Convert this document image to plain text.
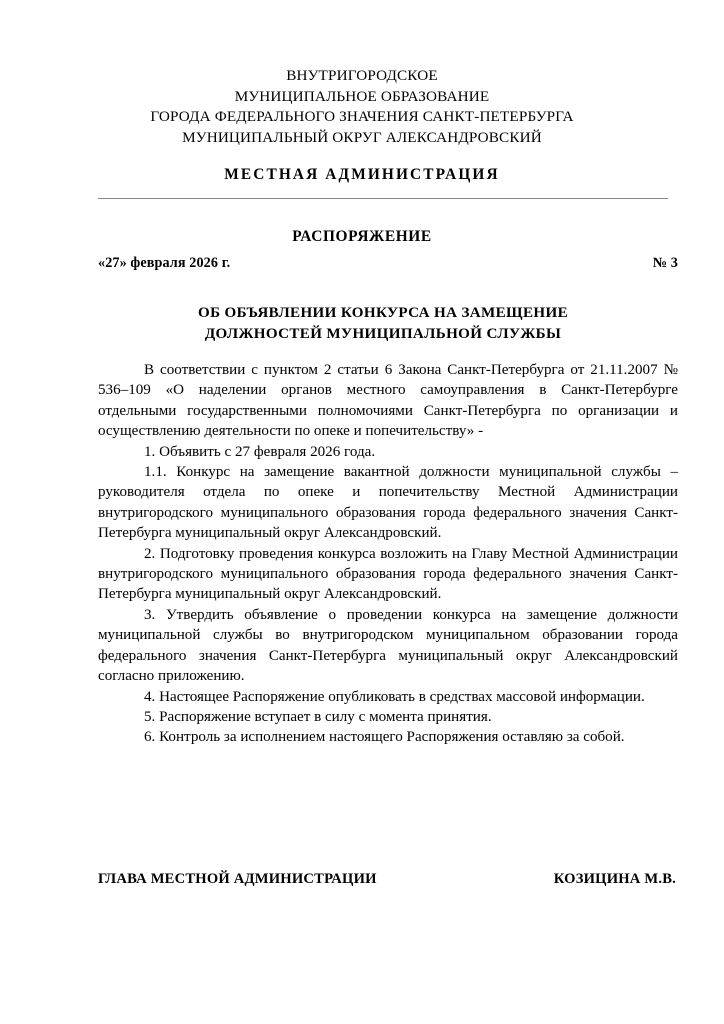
ВНУТРИГОРОДСКОЕ
МУНИЦИПАЛЬНОЕ ОБРАЗОВАНИЕ
ГОРОДА ФЕДЕРАЛЬНОГО ЗНАЧЕНИЯ САНКТ-ПЕТЕРБУРГА
МУНИЦИПАЛЬНЫЙ ОКРУГ АЛЕКСАНДРОВСКИЙ
МЕСТНАЯ АДМИНИСТРАЦИЯ
РАСПОРЯЖЕНИЕ
«27» февраля 2026 г.	№ 3
ОБ ОБЪЯВЛЕНИИ КОНКУРСА НА ЗАМЕЩЕНИЕ
ДОЛЖНОСТЕЙ МУНИЦИПАЛЬНОЙ СЛУЖБЫ

В соответствии с пунктом 2 статьи 6 Закона Санкт-Петербурга от 21.11.2007 № 536–109 «О наделении органов местного самоуправления в Санкт-Петербурге отдельными государственными полномочиями Санкт-Петербурга по организации и осуществлению деятельности по опеке и попечительству» -

1. Объявить с 27 февраля 2026 года.

1.1. Конкурс на замещение вакантной должности муниципальной службы – руководителя отдела по опеке и попечительству Местной Администрации внутригородского муниципального образования города федерального значения Санкт-Петербурга муниципальный округ Александровский.

2. Подготовку проведения конкурса возложить на Главу Местной Администрации внутригородского муниципального образования города федерального значения Санкт-Петербурга муниципальный округ Александровский.

3. Утвердить объявление о проведении конкурса на замещение должности муниципальной службы во внутригородском муниципальном образовании города федерального значения Санкт-Петербурга муниципальный округ Александровский согласно приложению.

4. Настоящее Распоряжение опубликовать в средствах массовой информации.

5. Распоряжение вступает в силу с момента принятия.

6. Контроль за исполнением настоящего Распоряжения оставляю за собой.

ГЛАВА МЕСТНОЙ АДМИНИСТРАЦИИ	КОЗИЦИНА М.В.
